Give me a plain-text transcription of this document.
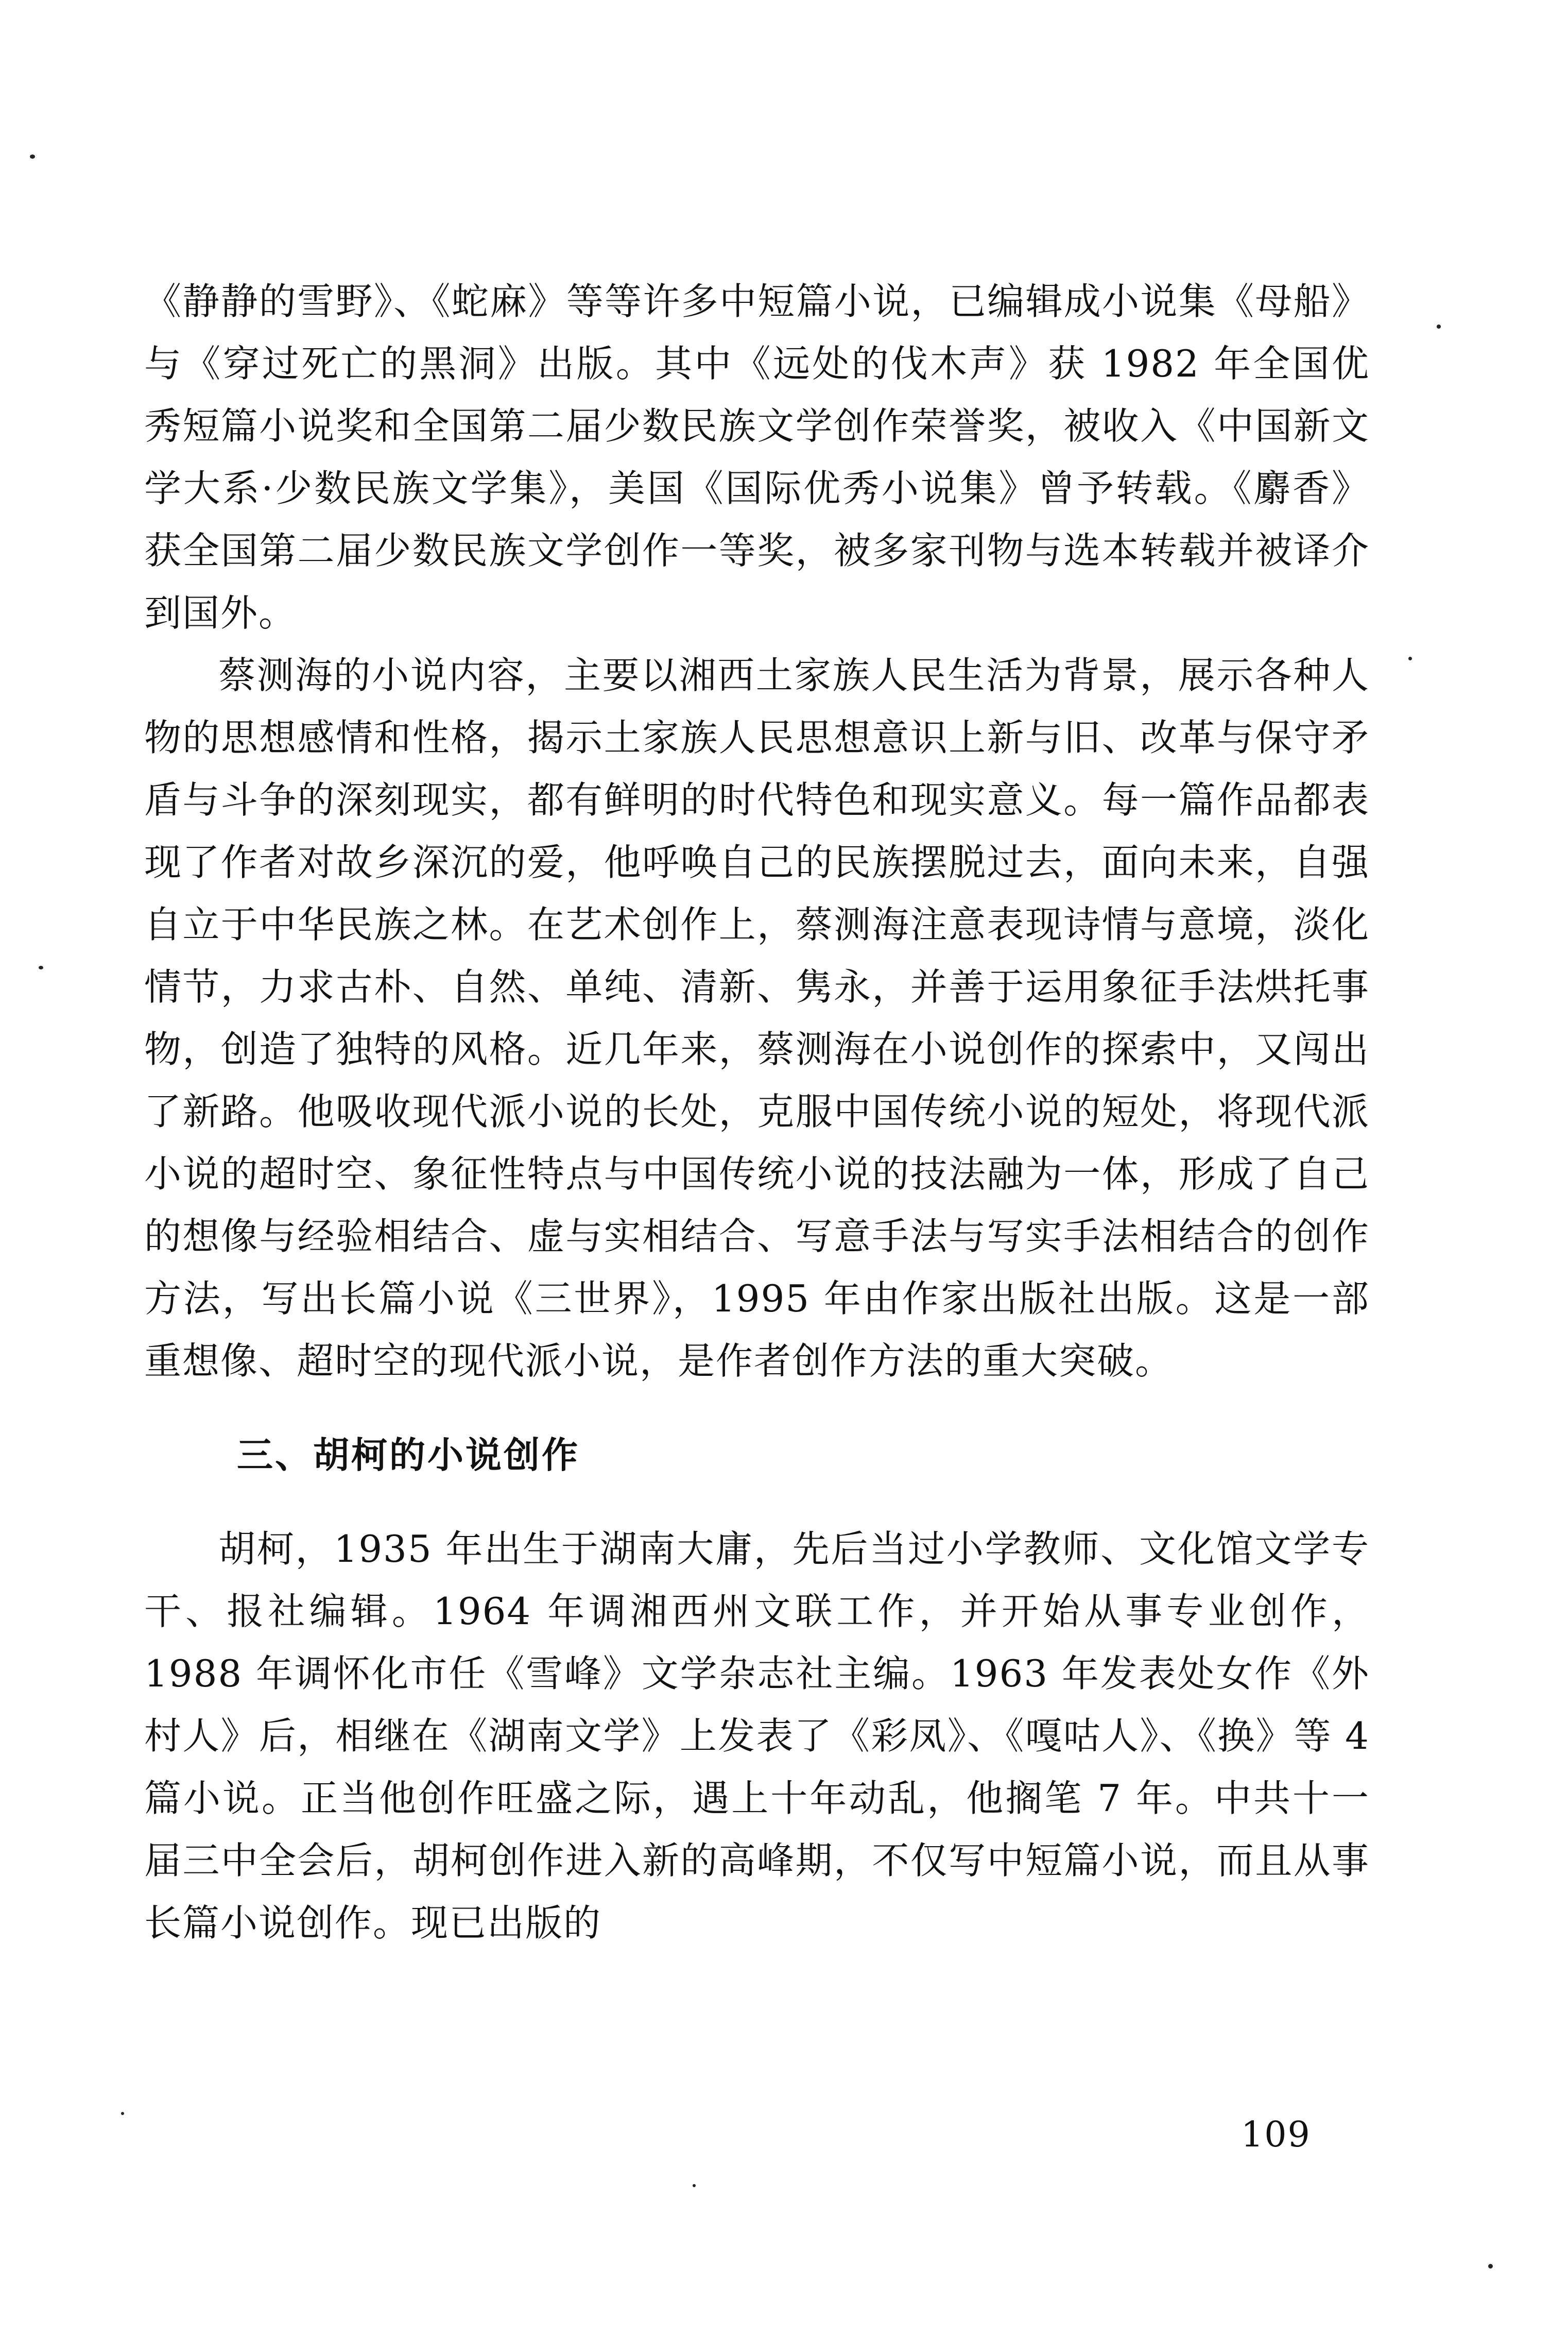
《静静的雪野》、《蛇麻》等等许多中短篇小说，已编辑成小说集《母船》与《穿过死亡的黑洞》出版。其中《远处的伐木声》获 1982 年全国优秀短篇小说奖和全国第二届少数民族文学创作荣誉奖，被收入《中国新文学大系·少数民族文学集》，美国《国际优秀小说集》曾予转载。《麝香》获全国第二届少数民族文学创作一等奖，被多家刊物与选本转载并被译介到国外。

蔡测海的小说内容，主要以湘西土家族人民生活为背景，展示各种人物的思想感情和性格，揭示土家族人民思想意识上新与旧、改革与保守矛盾与斗争的深刻现实，都有鲜明的时代特色和现实意义。每一篇作品都表现了作者对故乡深沉的爱，他呼唤自己的民族摆脱过去，面向未来，自强自立于中华民族之林。在艺术创作上，蔡测海注意表现诗情与意境，淡化情节，力求古朴、自然、单纯、清新、隽永，并善于运用象征手法烘托事物，创造了独特的风格。近几年来，蔡测海在小说创作的探索中，又闯出了新路。他吸收现代派小说的长处，克服中国传统小说的短处，将现代派小说的超时空、象征性特点与中国传统小说的技法融为一体，形成了自己的想像与经验相结合、虚与实相结合、写意手法与写实手法相结合的创作方法，写出长篇小说《三世界》，1995 年由作家出版社出版。这是一部重想像、超时空的现代派小说，是作者创作方法的重大突破。

三、胡柯的小说创作

胡柯，1935 年出生于湖南大庸，先后当过小学教师、文化馆文学专干、报社编辑。1964 年调湘西州文联工作，并开始从事专业创作，1988 年调怀化市任《雪峰》文学杂志社主编。1963 年发表处女作《外村人》后，相继在《湖南文学》上发表了《彩凤》、《嘎咕人》、《换》等 4 篇小说。正当他创作旺盛之际，遇上十年动乱，他搁笔 7 年。中共十一届三中全会后，胡柯创作进入新的高峰期，不仅写中短篇小说，而且从事长篇小说创作。现已出版的

109
